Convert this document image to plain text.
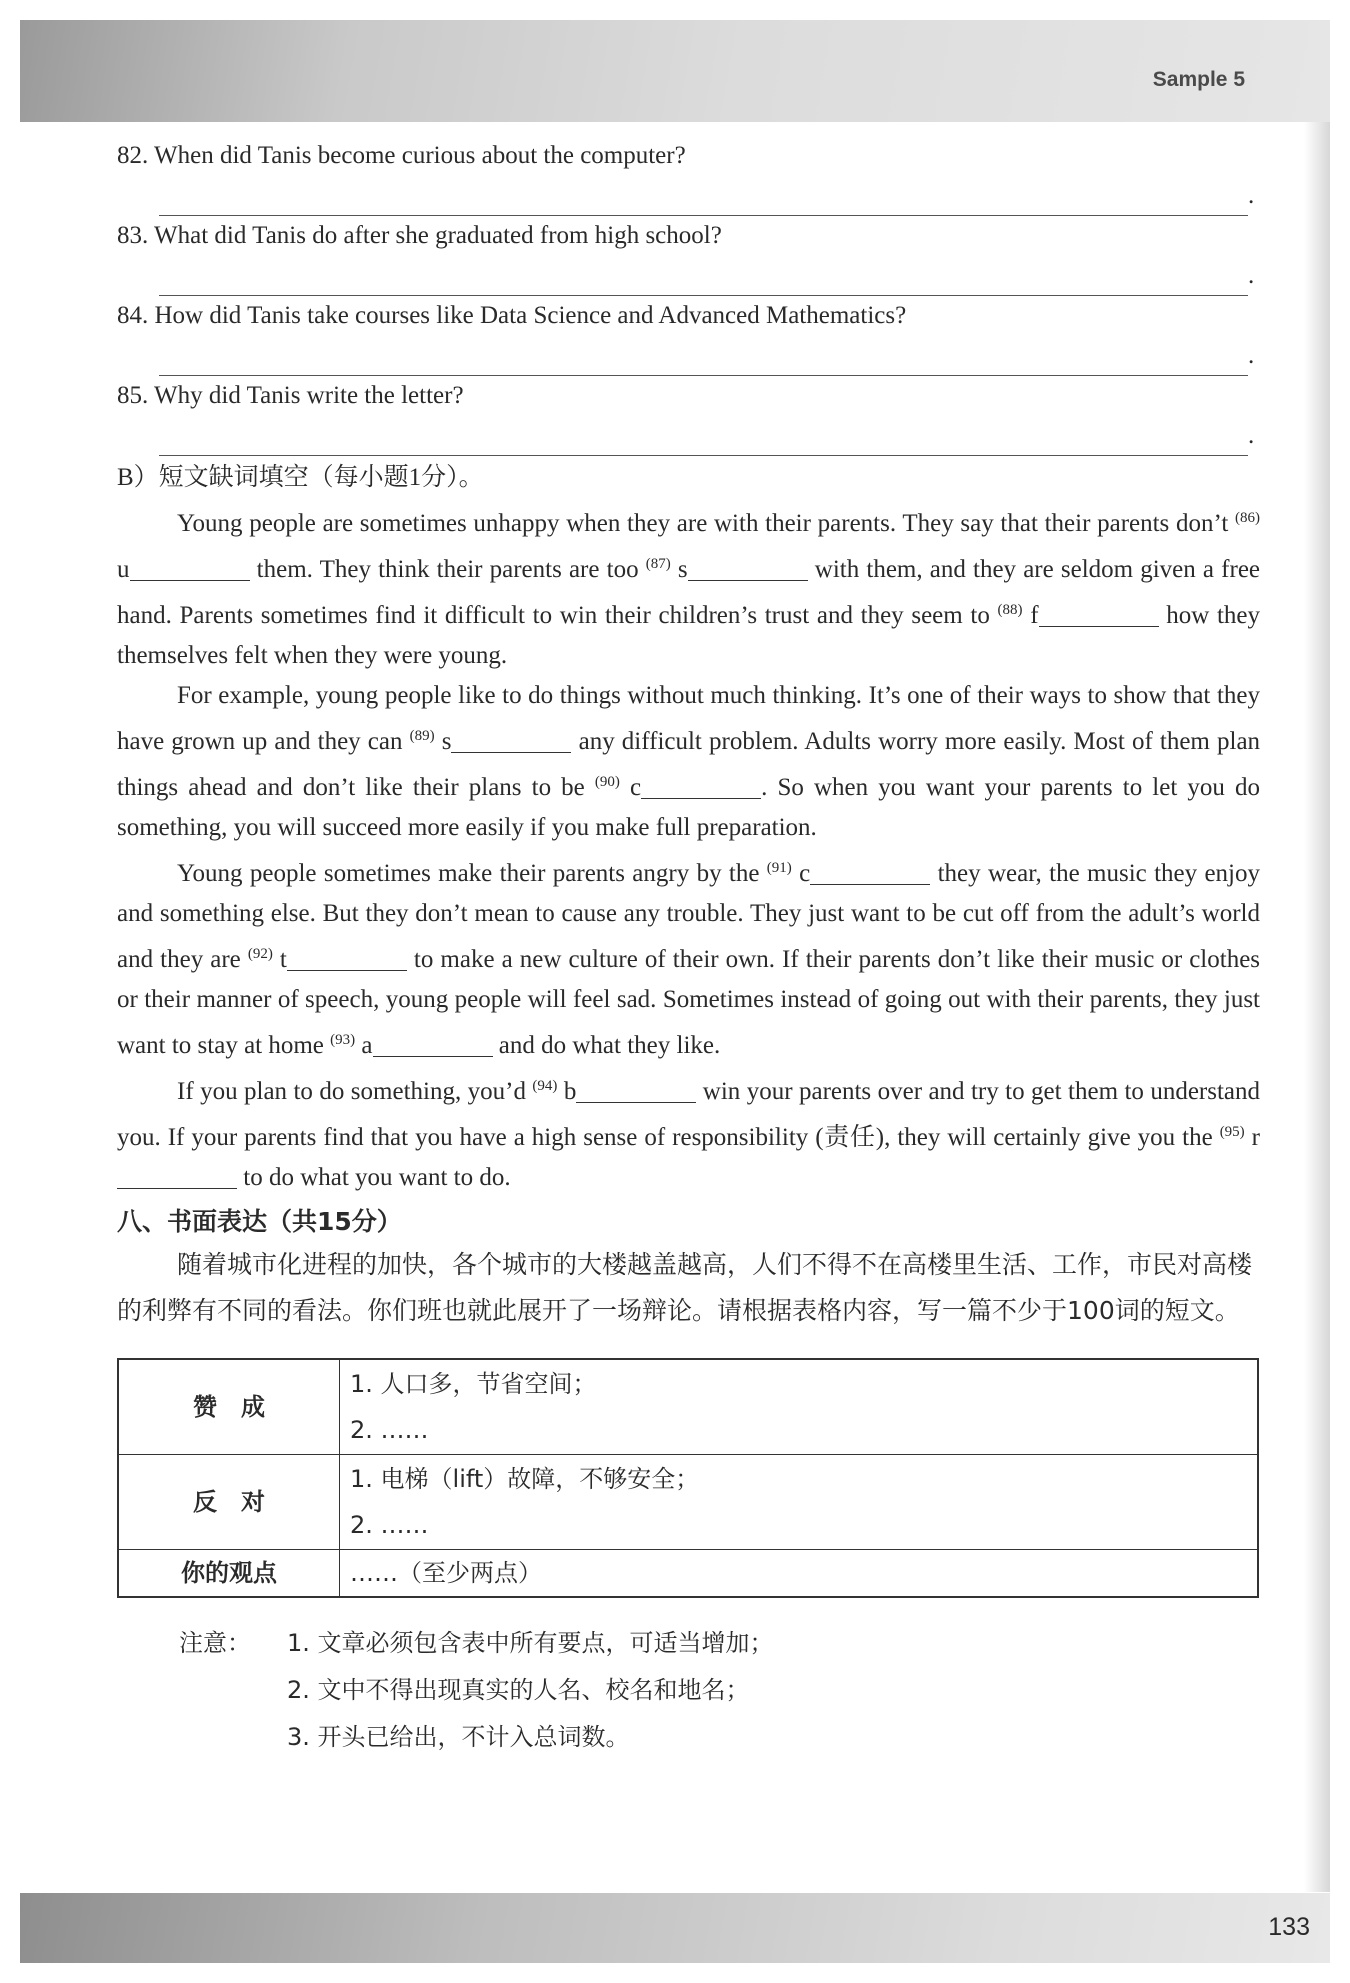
Sample 5

82. When did Tanis become curious about the computer?

.

83. What did Tanis do after she graduated from high school?

.

84. How did Tanis take courses like Data Science and Advanced Mathematics?

.

85. Why did Tanis write the letter?

.
B）短文缺词填空（每小题1分）。

Young people are sometimes unhappy when they are with their parents. They say that their parents don’t $^{(86)}$ u	them. They think their parents are too $^{(87)}$ s	with them, and they are seldom given a free hand. Parents sometimes find it difficult to win their children’s trust and they seem to $^{(88)}$ f	how they themselves felt when they were young.

For example, young people like to do things without much thinking. It’s one of their ways to show that they have grown up and they can $^{(89)}$ s	any difficult problem. Adults worry more easily. Most of them plan things ahead and don’t like their plans to be $^{(90)}$ c	. So when you want your parents to let you do something, you will succeed more easily if you make full preparation.

Young people sometimes make their parents angry by the $^{(91)}$ c	they wear, the music they enjoy and something else. But they don’t mean to cause any trouble. They just want to be cut off from the adult’s world and they are $^{(92)}$ t	to make a new culture of their own. If their parents don’t like their music or clothes or their manner of speech, young people will feel sad. Sometimes instead of going out with their parents, they just want to stay at home $^{(93)}$ a	and do what they like.

If you plan to do something, you’d $^{(94)}$ b	win your parents over and try to get them to understand you. If your parents find that you have a high sense of responsibility (责任), they will certainly give you the $^{(95)}$ r to do what you want to do.

八、书面表达（共15分）

随着城市化进程的加快，各个城市的大楼越盖越高，人们不得不在高楼里生活、工作，市民对高楼的利弊有不同的看法。你们班也就此展开了一场辩论。请根据表格内容，写一篇不少于100词的短文。

赞　成	1. 人口多，节省空间；
2. ……

反　对	1. 电梯（lift）故障，不够安全；
2. ……

你的观点	……（至少两点）
注意：	1. 文章必须包含表中所有要点，可适当增加；
2. 文中不得出现真实的人名、校名和地名；
3. 开头已给出，不计入总词数。
133
